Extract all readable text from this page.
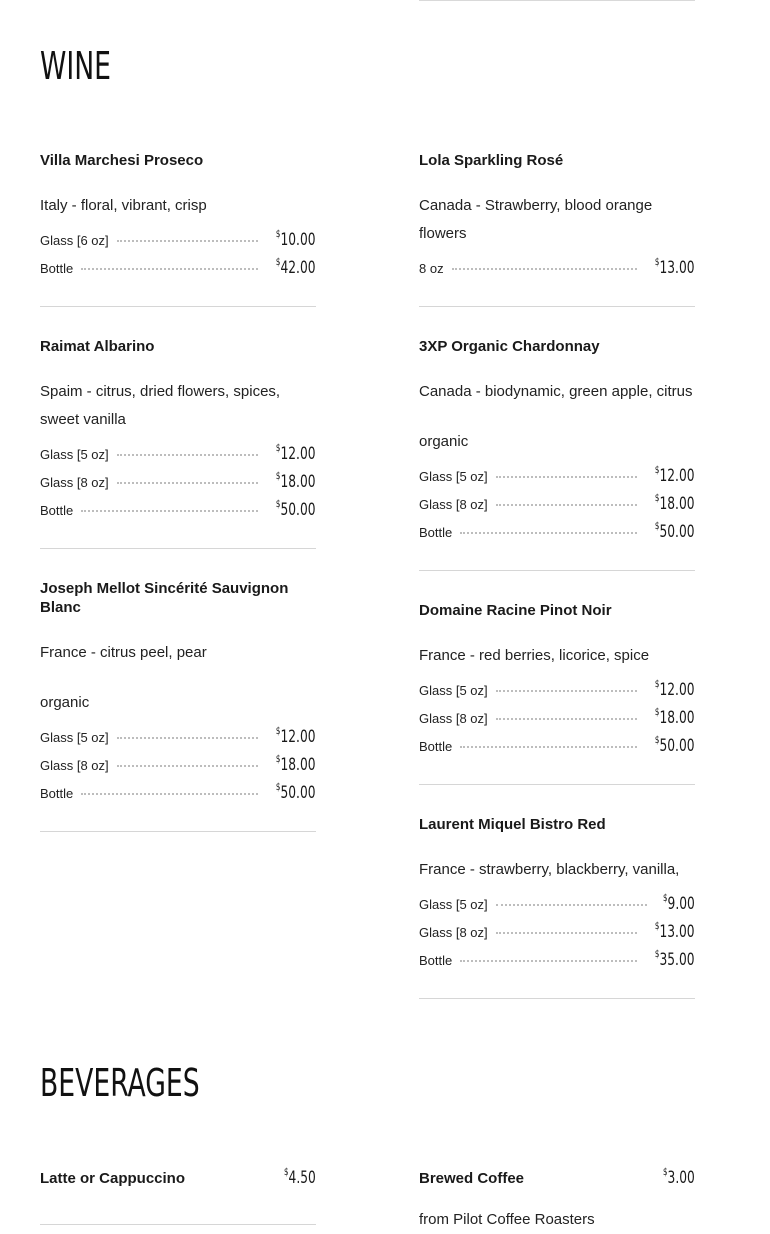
WINE
Villa Marchesi Proseco

Italy - floral, vibrant, crisp

Glass [6 oz]	$10.00
Bottle	$42.00
Raimat Albarino

Spaim - citrus, dried flowers, spices, sweet vanilla

Glass [5 oz]	$12.00
Glass [8 oz]	$18.00
Bottle	$50.00
Joseph Mellot Sincérité Sauvignon Blanc

France - citrus peel, pear

organic

Glass [5 oz]	$12.00
Glass [8 oz]	$18.00
Bottle	$50.00
Lola Sparkling Rosé

Canada - Strawberry, blood orange flowers

8 oz	$13.00
3XP Organic Chardonnay

Canada - biodynamic, green apple, citrus

organic

Glass [5 oz]	$12.00
Glass [8 oz]	$18.00
Bottle	$50.00
Domaine Racine Pinot Noir

France - red berries, licorice, spice

Glass [5 oz]	$12.00
Glass [8 oz]	$18.00
Bottle	$50.00
Laurent Miquel Bistro Red

France - strawberry, blackberry, vanilla,

Glass [5 oz]	$9.00
Glass [8 oz]	$13.00
Bottle	$35.00
BEVERAGES
Latte or Cappuccino	$4.50	Brewed Coffee	$3.00

from Pilot Coffee Roasters
